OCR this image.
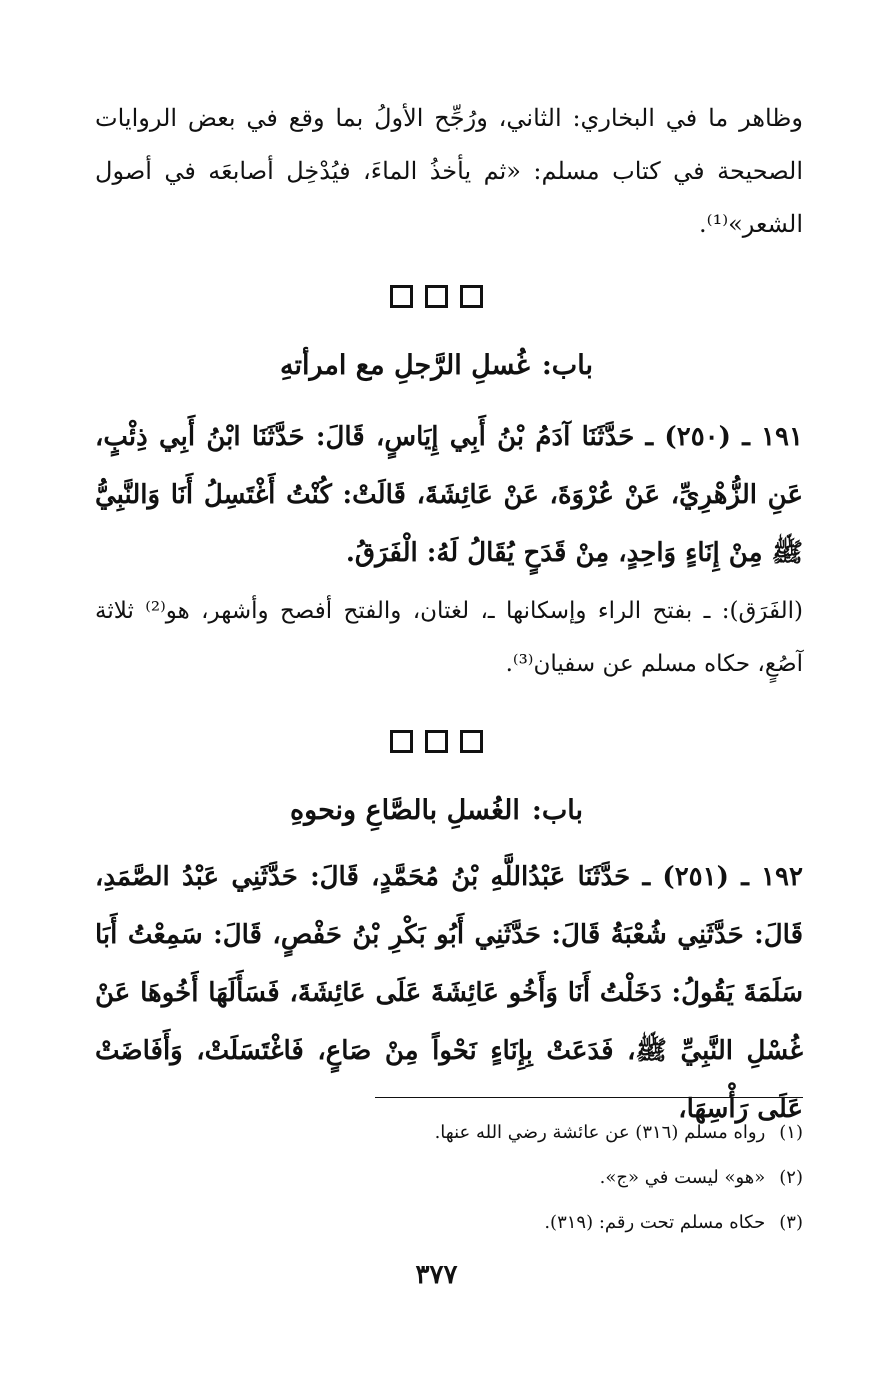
وظاهر ما في البخاري: الثاني، ورُجِّح الأولُ بما وقع في بعض الروايات الصحيحة في كتاب مسلم: «ثم يأخذُ الماءَ، فيُدْخِل أصابعَه في أصول الشعر»⁽¹⁾.

باب:غُسلِ الرَّجلِ مع امرأتهِ

١٩١ ـ (٢٥٠) ـ حَدَّثَنَا آدَمُ بْنُ أَبِي إِيَاسٍ، قَالَ: حَدَّثَنَا ابْنُ أَبِي ذِئْبٍ، عَنِ الزُّهْرِيِّ، عَنْ عُرْوَةَ، عَنْ عَائِشَةَ، قَالَتْ: كُنْتُ أَغْتَسِلُ أَنَا وَالنَّبِيُّ ﷺ مِنْ إِنَاءٍ وَاحِدٍ، مِنْ قَدَحٍ يُقَالُ لَهُ: الْفَرَقُ.

(الفَرَق): ـ بفتح الراء وإسكانها ـ، لغتان، والفتح أفصح وأشهر، هو⁽²⁾ ثلاثة آصُعٍ، حكاه مسلم عن سفيان⁽³⁾.

باب:الغُسلِ بالصَّاعِ ونحوهِ

١٩٢ ـ (٢٥١) ـ حَدَّثَنَا عَبْدُاللَّهِ بْنُ مُحَمَّدٍ، قَالَ: حَدَّثَنِي عَبْدُ الصَّمَدِ، قَالَ: حَدَّثَنِي شُعْبَةُ قَالَ: حَدَّثَنِي أَبُو بَكْرِ بْنُ حَفْصٍ، قَالَ: سَمِعْتُ أَبَا سَلَمَةَ يَقُولُ: دَخَلْتُ أَنَا وَأَخُو عَائِشَةَ عَلَى عَائِشَةَ، فَسَأَلَهَا أَخُوهَا عَنْ غُسْلِ النَّبِيِّ ﷺ، فَدَعَتْ بِإِنَاءٍ نَحْواً مِنْ صَاعٍ، فَاغْتَسَلَتْ، وَأَفَاضَتْ عَلَى رَأْسِهَا،

(١)رواه مسلم (٣١٦) عن عائشة رضي الله عنها.
(٢)«هو» ليست في «ج».
(٣)حكاه مسلم تحت رقم: (٣١٩).
٣٧٧
